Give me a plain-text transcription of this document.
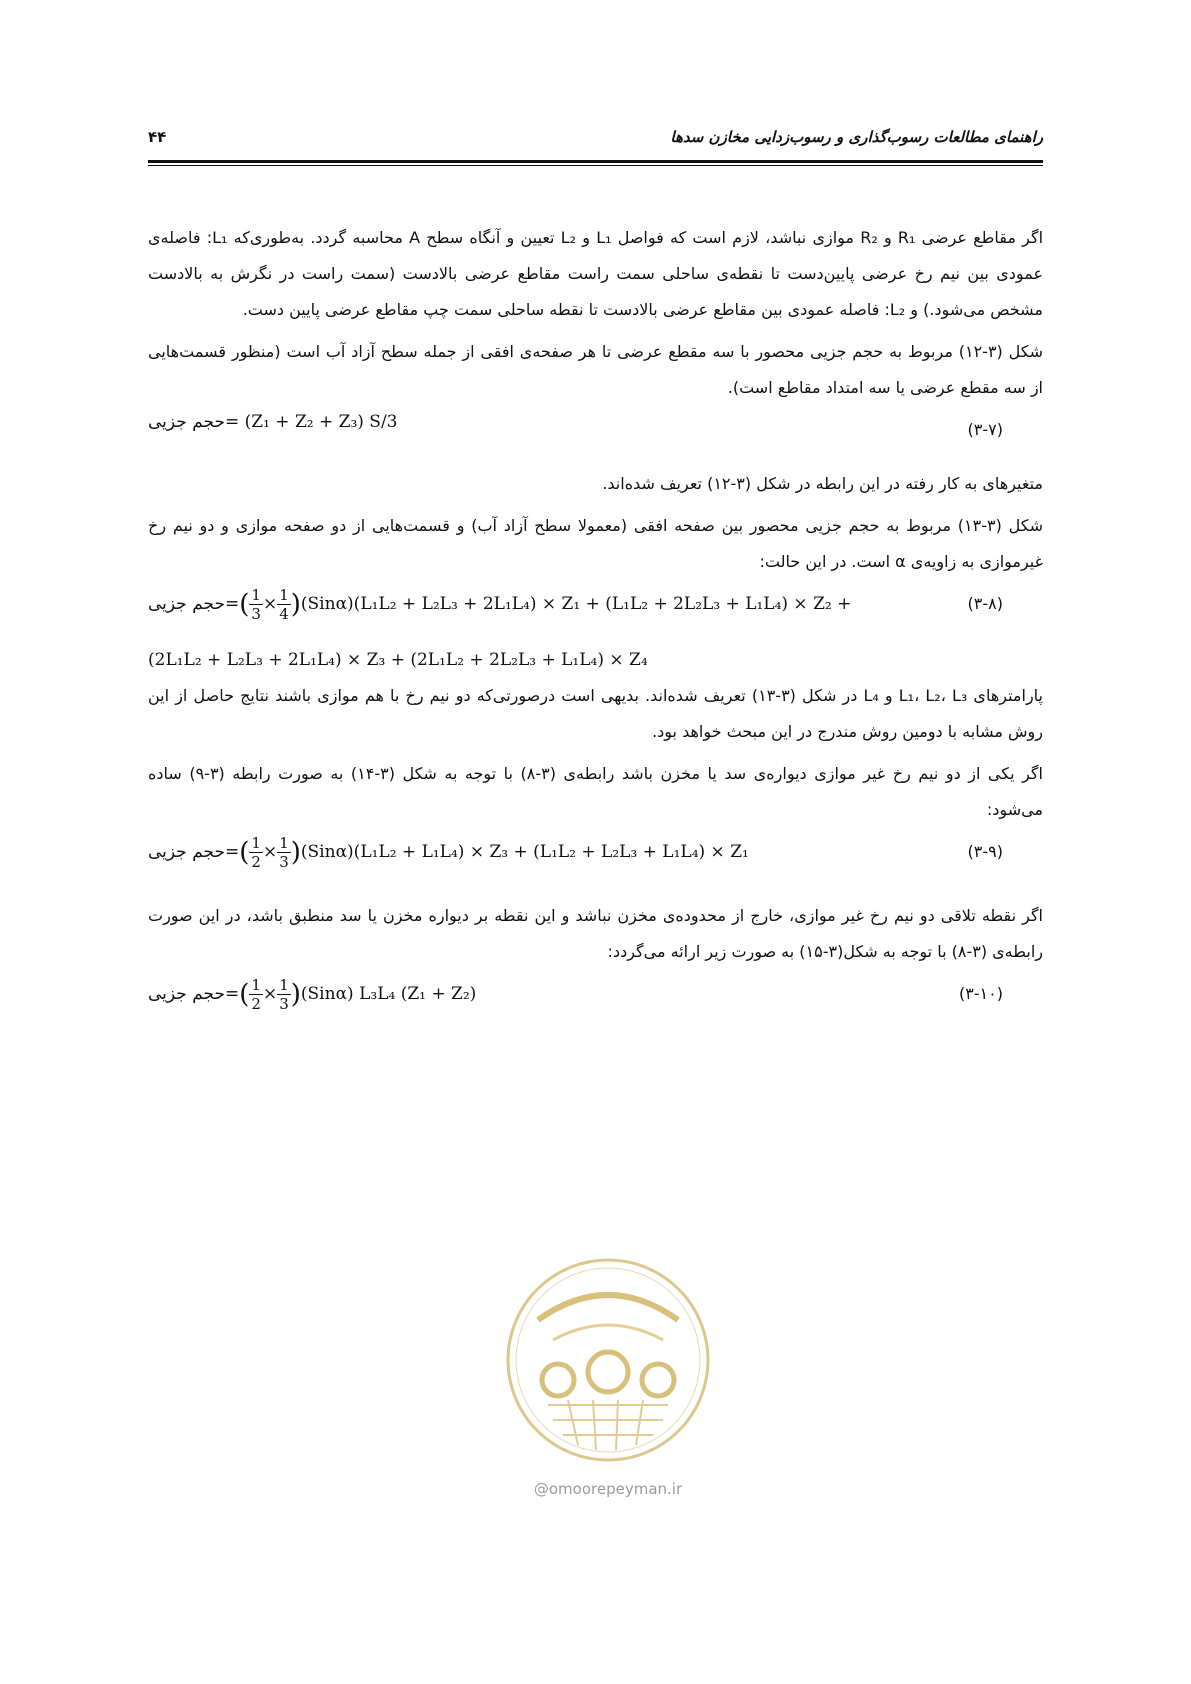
راهنمای مطالعات رسوب‌گذاری و رسوب‌زدایی مخازن سدها
۴۴

اگر مقاطع عرضی R₁ و R₂ موازی نباشد، لازم است که فواصل L₁ و L₂ تعیین و آنگاه سطح A محاسبه گردد. به‌طوری‌که L₁: فاصله‌ی عمودی بین نیم رخ عرضی پایین‌دست تا نقطه‌ی ساحلی سمت راست مقاطع عرضی بالادست (سمت راست در نگرش به بالادست مشخص می‌شود.) و L₂: فاصله عمودی بین مقاطع عرضی بالادست تا نقطه ساحلی سمت چپ مقاطع عرضی پایین دست.

شکل (۳-۱۲) مربوط به حجم جزیی محصور با سه مقطع عرضی تا هر صفحه‌ی افقی از جمله سطح آزاد آب است (منظور قسمت‌هایی از سه مقطع عرضی یا سه امتداد مقاطع است).

حجم جزیی= (Z₁ + Z₂ + Z₃) S/3	(۳-۷)

متغیرهای به کار رفته در این رابطه در شکل (۳-۱۲) تعریف شده‌اند.

شکل (۳-۱۳) مربوط به حجم جزیی محصور بین صفحه افقی (معمولا سطح آزاد آب) و قسمت‌هایی از دو صفحه موازی و دو نیم رخ غیرموازی به زاویه‌ی α است. در این حالت:

حجم جزیی=( $\frac{1}{3} \times \frac{1}{4} )(Sin\alpha)(L_1L_2 + L_2L_3 + 2L_1L_4) \times Z_1 + (L_1L_2 + 2L_2L_3 + L_1L_4) \times Z_2$ +	(۳-۸)
(2L₁L₂ + L₂L₃ + 2L₁L₄) × Z₃ + (2L₁L₂ + 2L₂L₃ + L₁L₄) × Z₄

پارامترهای L₁، L₂، L₃ و L₄ در شکل (۳-۱۳) تعریف شده‌اند. بدیهی است درصورتی‌که دو نیم رخ با هم موازی باشند نتایج حاصل از این روش مشابه با دومین روش مندرج در این مبحث خواهد بود.

اگر یکی از دو نیم رخ غیر موازی دیواره‌ی سد یا مخزن باشد رابطه‌ی (۳-۸) با توجه به شکل (۳-۱۴) به صورت رابطه (۳-۹) ساده می‌شود:

حجم جزیی=( $\frac{1}{2} \times \frac{1}{3} )(Sin\alpha)(L_1L_2 + L_1L_4) \times Z_3 + (L_1L_2 + L_2L_3 + L_1L_4) \times Z_1$	(۳-۹)

اگر نقطه تلاقی دو نیم رخ غیر موازی، خارج از محدوده‌ی مخزن نباشد و این نقطه بر دیواره مخزن یا سد منطبق باشد، در این صورت رابطه‌ی (۳-۸) با توجه به شکل(۳-۱۵) به صورت زیر ارائه می‌گردد:

حجم جزیی=( $\frac{1}{2} \times \frac{1}{3} )(Sin\alpha)$ L₃L₄ (Z₁ + Z₂)	(۳-۱۰)
@omoorepeyman.ir
